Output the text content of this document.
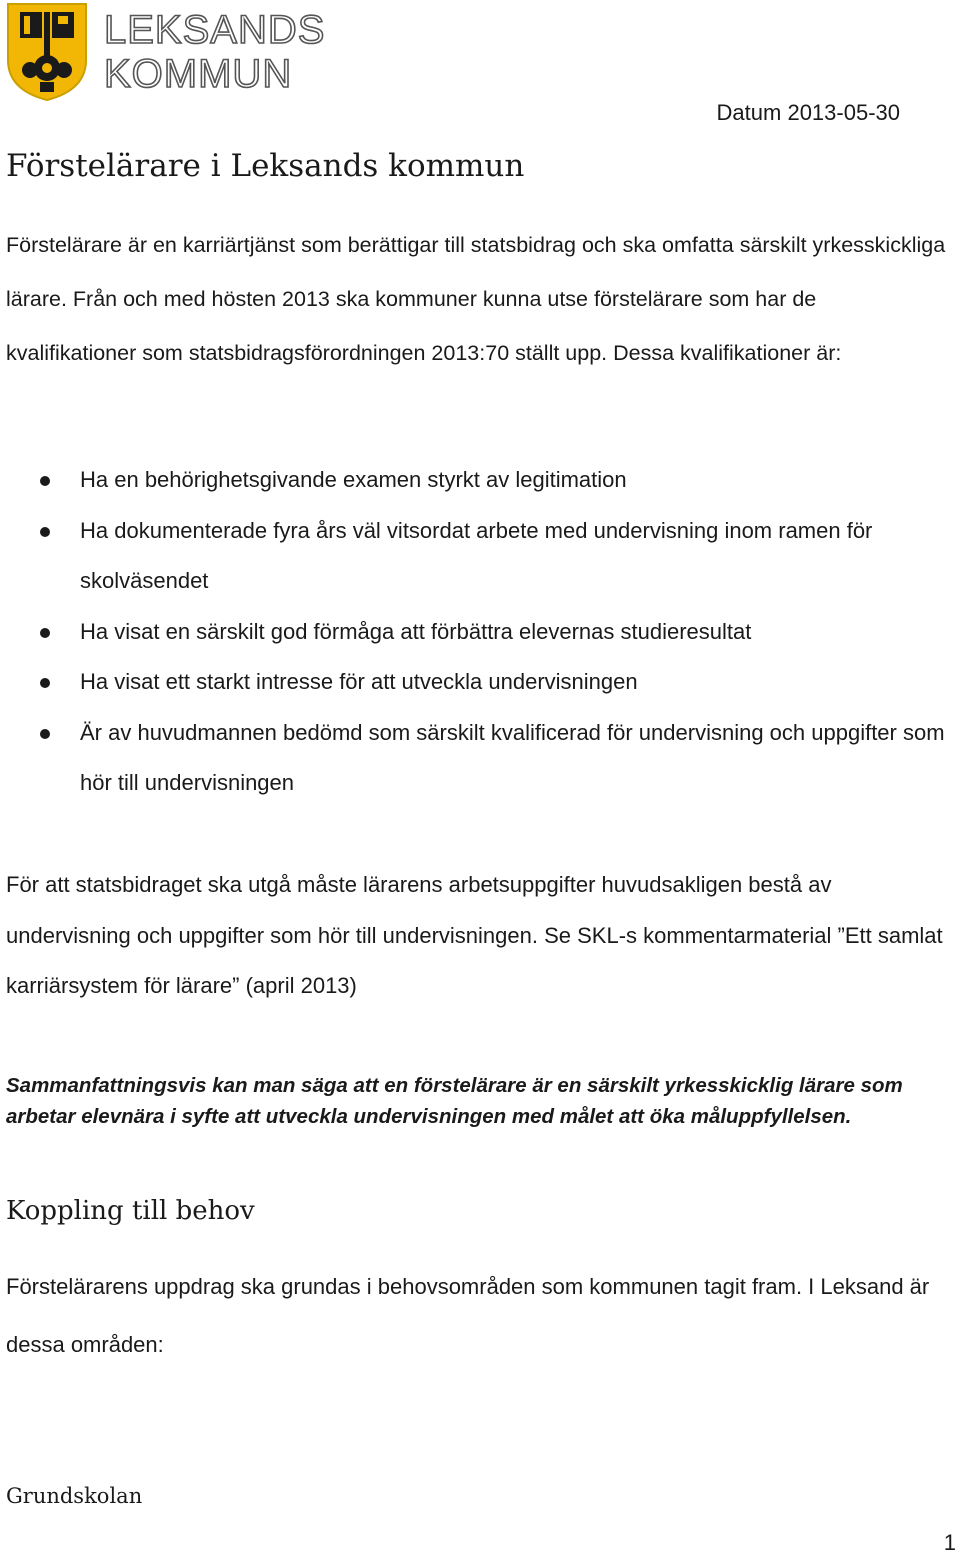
LEKSANDS
KOMMUN
Datum 2013-05-30
Förstelärare i Leksands kommun
Förstelärare är en karriärtjänst som berättigar till statsbidrag och ska omfatta särskilt yrkesskickliga lärare. Från och med hösten 2013 ska kommuner kunna utse förstelärare som har de kvalifikationer som statsbidragsförordningen 2013:70 ställt upp. Dessa kvalifikationer är:
Ha en behörighetsgivande examen styrkt av legitimation
Ha dokumenterade fyra års väl vitsordat arbete med undervisning inom ramen för skolväsendet
Ha visat en särskilt god förmåga att förbättra elevernas studieresultat
Ha visat ett starkt intresse för att utveckla undervisningen
Är av huvudmannen bedömd som särskilt kvalificerad för undervisning och uppgifter som hör till undervisningen
För att statsbidraget ska utgå måste lärarens arbetsuppgifter huvudsakligen bestå av undervisning och uppgifter som hör till undervisningen. Se SKL-s kommentarmaterial ”Ett samlat karriärsystem för lärare” (april 2013)
Sammanfattningsvis kan man säga att en förstelärare är en särskilt yrkesskicklig lärare som arbetar elevnära i syfte att utveckla undervisningen med målet att öka måluppfyllelsen.
Koppling till behov
Förstelärarens uppdrag ska grundas i behovsområden som kommunen tagit fram. I Leksand är dessa områden:
Grundskolan
1
